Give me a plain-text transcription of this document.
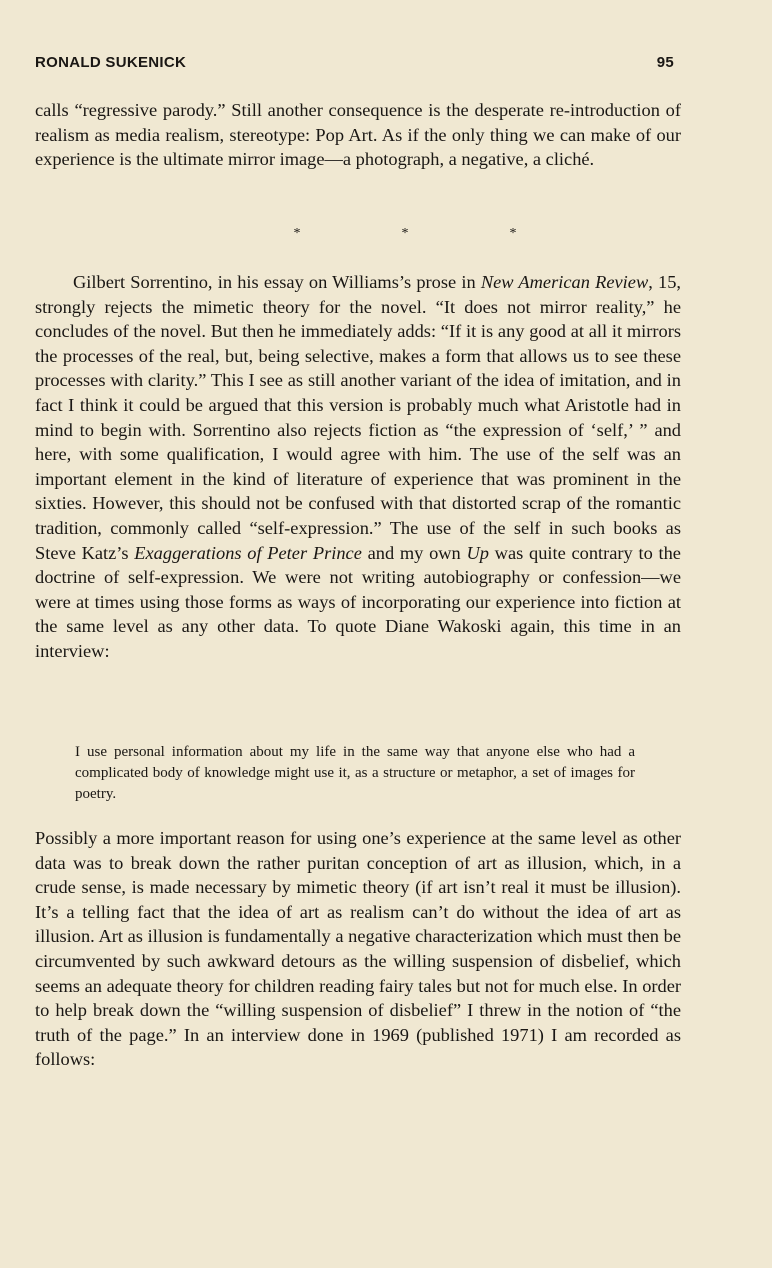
RONALD SUKENICK	95

calls “regressive parody.” Still another consequence is the desperate re-introduction of realism as media realism, stereotype: Pop Art. As if the only thing we can make of our experience is the ultimate mirror image—a photograph, a negative, a cliché.

*	*	*

Gilbert Sorrentino, in his essay on Williams’s prose in New American Review, 15, strongly rejects the mimetic theory for the novel. “It does not mirror reality,” he concludes of the novel. But then he immediately adds: “If it is any good at all it mirrors the processes of the real, but, being selective, makes a form that allows us to see these processes with clarity.” This I see as still another variant of the idea of imitation, and in fact I think it could be argued that this version is probably much what Aristotle had in mind to begin with. Sorrentino also rejects fiction as “the expression of ‘self,’ ” and here, with some qualification, I would agree with him. The use of the self was an important element in the kind of literature of experience that was prominent in the sixties. However, this should not be confused with that distorted scrap of the romantic tradition, commonly called “self-expression.” The use of the self in such books as Steve Katz’s Exaggerations of Peter Prince and my own Up was quite contrary to the doctrine of self-expression. We were not writing autobiography or confession—we were at times using those forms as ways of incorporating our experience into fiction at the same level as any other data. To quote Diane Wakoski again, this time in an interview:

I use personal information about my life in the same way that anyone else who had a complicated body of knowledge might use it, as a structure or metaphor, a set of images for poetry.

Possibly a more important reason for using one’s experience at the same level as other data was to break down the rather puritan conception of art as illusion, which, in a crude sense, is made necessary by mimetic theory (if art isn’t real it must be illusion). It’s a telling fact that the idea of art as realism can’t do without the idea of art as illusion. Art as illusion is fundamentally a negative characterization which must then be circumvented by such awkward detours as the willing suspension of disbelief, which seems an adequate theory for children reading fairy tales but not for much else. In order to help break down the “willing suspension of disbelief” I threw in the notion of “the truth of the page.” In an interview done in 1969 (published 1971) I am recorded as follows:
